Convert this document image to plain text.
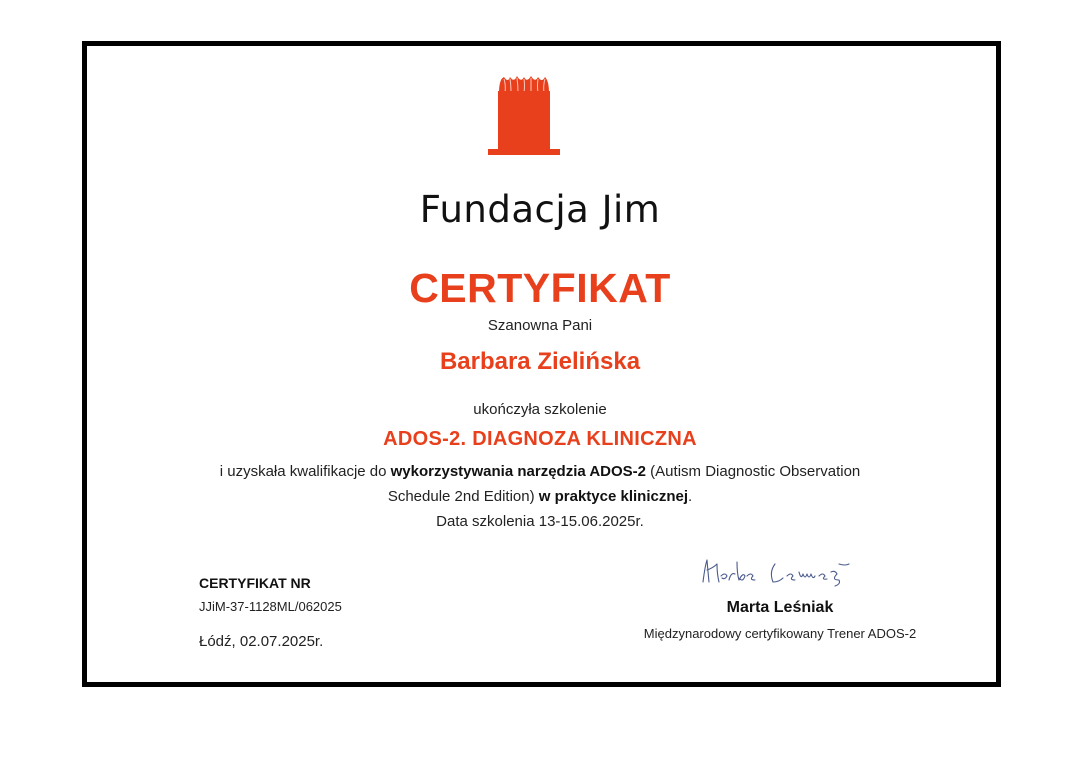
Fundacja Jim
CERTYFIKAT
Szanowna Pani
Barbara Zielińska
ukończyła szkolenie
ADOS-2. DIAGNOZA KLINICZNA
i uzyskała kwalifikacje do wykorzystywania narzędzia ADOS-2 (Autism Diagnostic Observation Schedule 2nd Edition) w praktyce klinicznej.
Data szkolenia 13-15.06.2025r.
CERTYFIKAT NR
JJiM-37-1128ML/062025
Łódź, 02.07.2025r.
Marta Leśniak
Międzynarodowy certyfikowany Trener ADOS-2
